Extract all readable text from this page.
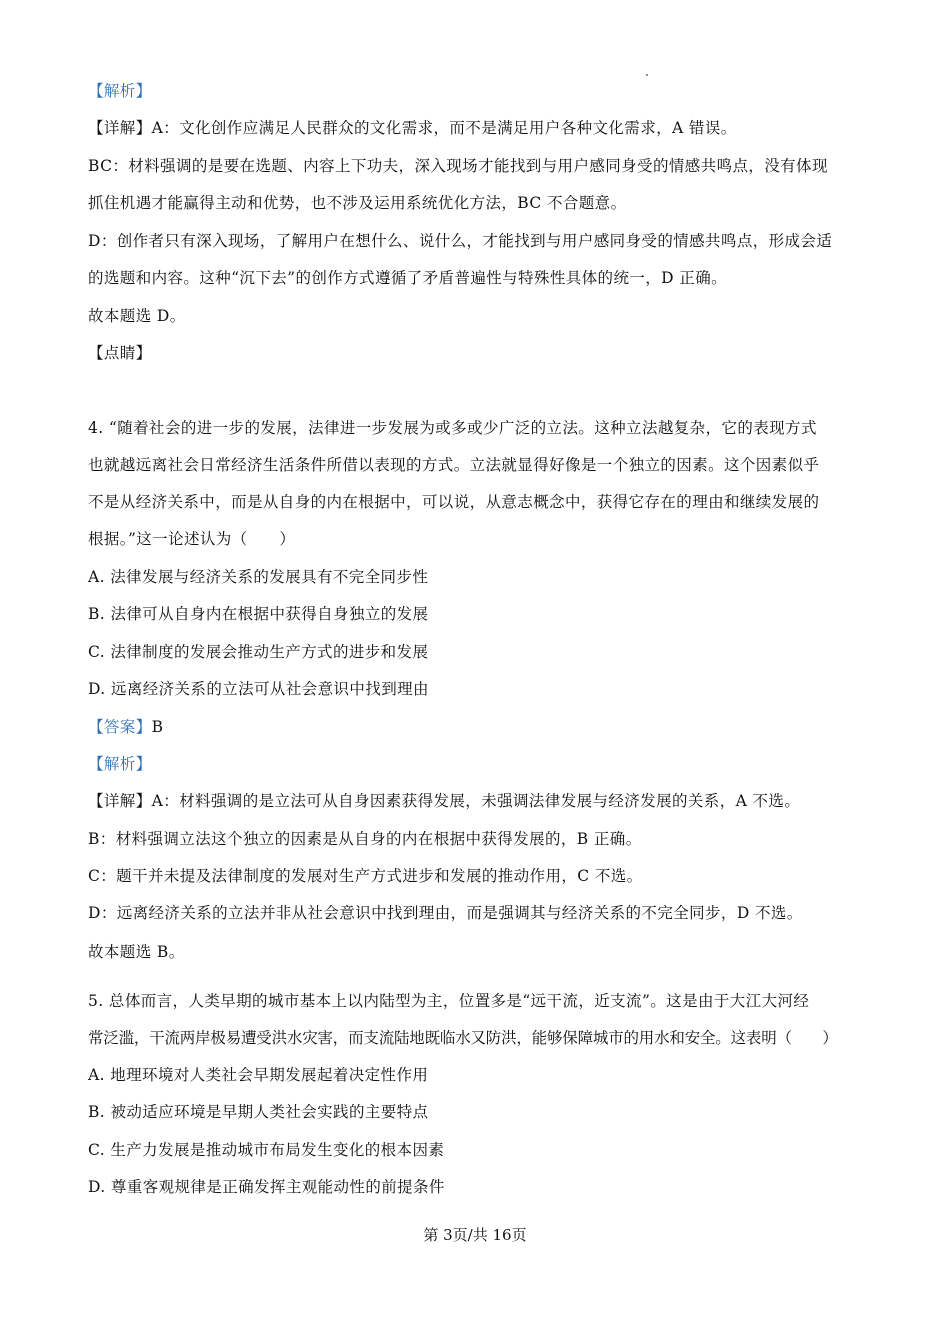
【解析】
【详解】A：文化创作应满足人民群众的文化需求，而不是满足用户各种文化需求，A 错误。
BC：材料强调的是要在选题、内容上下功夫，深入现场才能找到与用户感同身受的情感共鸣点，没有体现
抓住机遇才能赢得主动和优势，也不涉及运用系统优化方法，BC 不合题意。
D：创作者只有深入现场，了解用户在想什么、说什么，才能找到与用户感同身受的情感共鸣点，形成会适
的选题和内容。这种“沉下去”的创作方式遵循了矛盾普遍性与特殊性具体的统一，D 正确。
故本题选 D。
【点睛】
4. “随着社会的进一步的发展，法律进一步发展为或多或少广泛的立法。这种立法越复杂，它的表现方式
也就越远离社会日常经济生活条件所借以表现的方式。立法就显得好像是一个独立的因素。这个因素似乎
不是从经济关系中，而是从自身的内在根据中，可以说，从意志概念中，获得它存在的理由和继续发展的
根据。”这一论述认为（　　）
A. 法律发展与经济关系的发展具有不完全同步性
B. 法律可从自身内在根据中获得自身独立的发展
C. 法律制度的发展会推动生产方式的进步和发展
D. 远离经济关系的立法可从社会意识中找到理由
【答案】B
【解析】
【详解】A：材料强调的是立法可从自身因素获得发展，未强调法律发展与经济发展的关系，A 不选。
B：材料强调立法这个独立的因素是从自身的内在根据中获得发展的，B 正确。
C：题干并未提及法律制度的发展对生产方式进步和发展的推动作用，C 不选。
D：远离经济关系的立法并非从社会意识中找到理由，而是强调其与经济关系的不完全同步，D 不选。
故本题选 B。
5. 总体而言，人类早期的城市基本上以内陆型为主，位置多是“远干流，近支流”。这是由于大江大河经
常泛滥，干流两岸极易遭受洪水灾害，而支流陆地既临水又防洪，能够保障城市的用水和安全。这表明（　　）
A. 地理环境对人类社会早期发展起着决定性作用
B. 被动适应环境是早期人类社会实践的主要特点
C. 生产力发展是推动城市布局发生变化的根本因素
D. 尊重客观规律是正确发挥主观能动性的前提条件
第 3页/共 16页
